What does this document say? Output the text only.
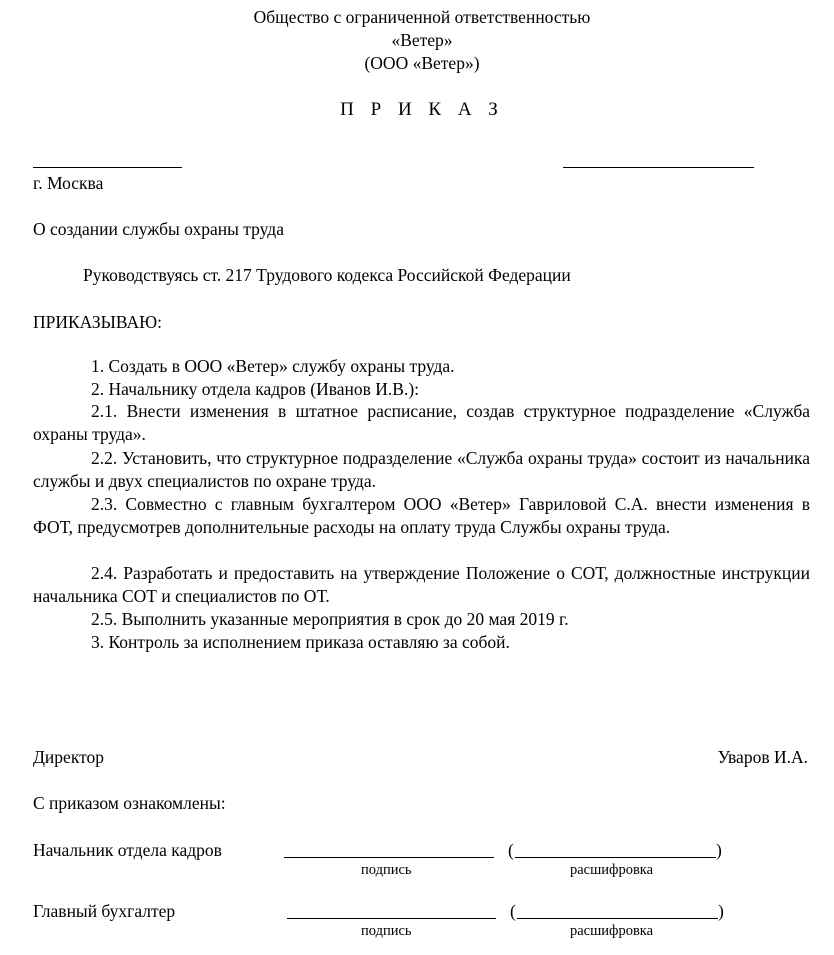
Общество с ограниченной ответственностью
«Ветер»
(ООО «Ветер»)
П Р И К А З
г. Москва
О создании службы охраны труда
Руководствуясь ст. 217 Трудового кодекса Российской Федерации
ПРИКАЗЫВАЮ:
1. Создать в ООО «Ветер» службу охраны труда.
2. Начальнику отдела кадров (Иванов И.В.):
2.1. Внести изменения в штатное расписание, создав структурное подразделение «Служба охраны труда».
2.2. Установить, что структурное подразделение «Служба охраны труда» состоит из начальника службы и двух специалистов по охране труда.
2.3. Совместно с главным бухгалтером ООО «Ветер» Гавриловой С.А. внести изменения в ФОТ, предусмотрев дополнительные расходы на оплату труда Службы охраны труда.
2.4. Разработать и предоставить на утверждение Положение о СОТ, должностные инструкции начальника СОТ и специалистов по ОТ.
2.5. Выполнить указанные мероприятия в срок до 20 мая 2019 г.
3. Контроль за исполнением приказа оставляю за собой.
Директор	Уваров И.А.
С приказом ознакомлены:
Начальник отдела кадров	(	)
подпись	расшифровка
Главный бухгалтер	(	)
подпись	расшифровка
